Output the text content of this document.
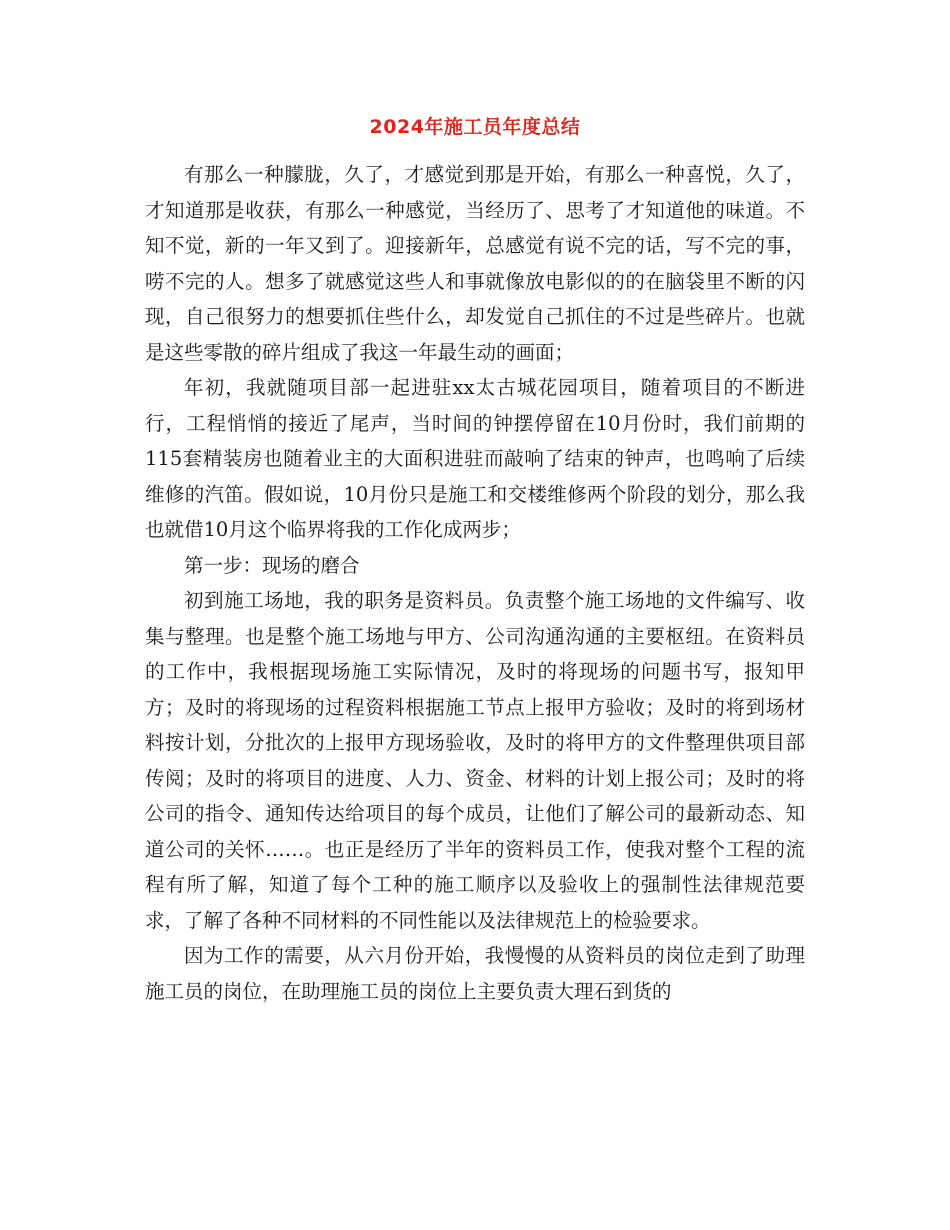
2024年施工员年度总结

有那么一种朦胧，久了，才感觉到那是开始，有那么一种喜悦，久了，才知道那是收获，有那么一种感觉，当经历了、思考了才知道他的味道。不知不觉，新的一年又到了。迎接新年，总感觉有说不完的话，写不完的事，唠不完的人。想多了就感觉这些人和事就像放电影似的的在脑袋里不断的闪现，自己很努力的想要抓住些什么，却发觉自己抓住的不过是些碎片。也就是这些零散的碎片组成了我这一年最生动的画面；

年初，我就随项目部一起进驻xx太古城花园项目，随着项目的不断进行，工程悄悄的接近了尾声，当时间的钟摆停留在10月份时，我们前期的115套精装房也随着业主的大面积进驻而敲响了结束的钟声，也鸣响了后续维修的汽笛。假如说，10月份只是施工和交楼维修两个阶段的划分，那么我也就借10月这个临界将我的工作化成两步；

第一步：现场的磨合

初到施工场地，我的职务是资料员。负责整个施工场地的文件编写、收集与整理。也是整个施工场地与甲方、公司沟通沟通的主要枢纽。在资料员的工作中，我根据现场施工实际情况，及时的将现场的问题书写，报知甲方；及时的将现场的过程资料根据施工节点上报甲方验收；及时的将到场材料按计划，分批次的上报甲方现场验收，及时的将甲方的文件整理供项目部传阅；及时的将项目的进度、人力、资金、材料的计划上报公司；及时的将公司的指令、通知传达给项目的每个成员，让他们了解公司的最新动态、知道公司的关怀……。也正是经历了半年的资料员工作，使我对整个工程的流程有所了解，知道了每个工种的施工顺序以及验收上的强制性法律规范要求，了解了各种不同材料的不同性能以及法律规范上的检验要求。

因为工作的需要，从六月份开始，我慢慢的从资料员的岗位走到了助理施工员的岗位，在助理施工员的岗位上主要负责大理石到货的
